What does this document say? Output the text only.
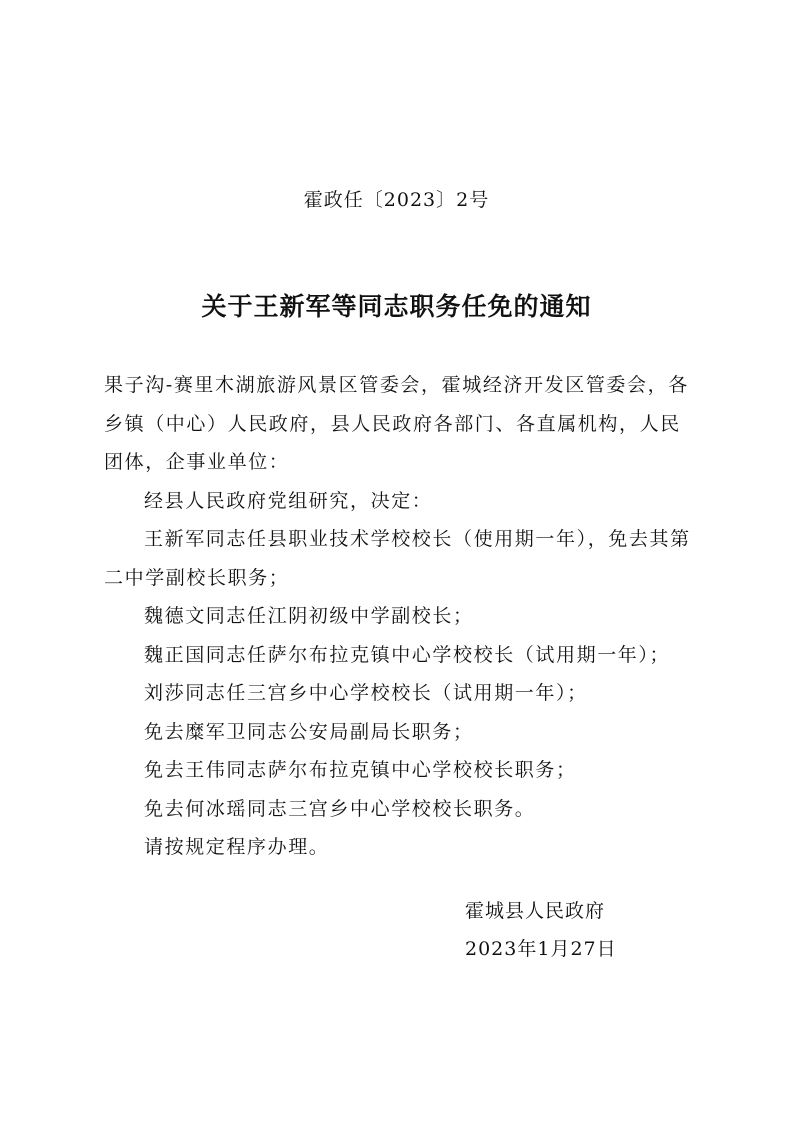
霍政任〔2023〕2号
关于王新军等同志职务任免的通知

果子沟-赛里木湖旅游风景区管委会，霍城经济开发区管委会，各乡镇（中心）人民政府，县人民政府各部门、各直属机构，人民团体，企事业单位：

经县人民政府党组研究，决定：

王新军同志任县职业技术学校校长（使用期一年），免去其第二中学副校长职务；

魏德文同志任江阴初级中学副校长；

魏正国同志任萨尔布拉克镇中心学校校长（试用期一年）；

刘莎同志任三宫乡中心学校校长（试用期一年）；

免去糜军卫同志公安局副局长职务；

免去王伟同志萨尔布拉克镇中心学校校长职务；

免去何冰瑶同志三宫乡中心学校校长职务。

请按规定程序办理。

霍城县人民政府

2023年1月27日
